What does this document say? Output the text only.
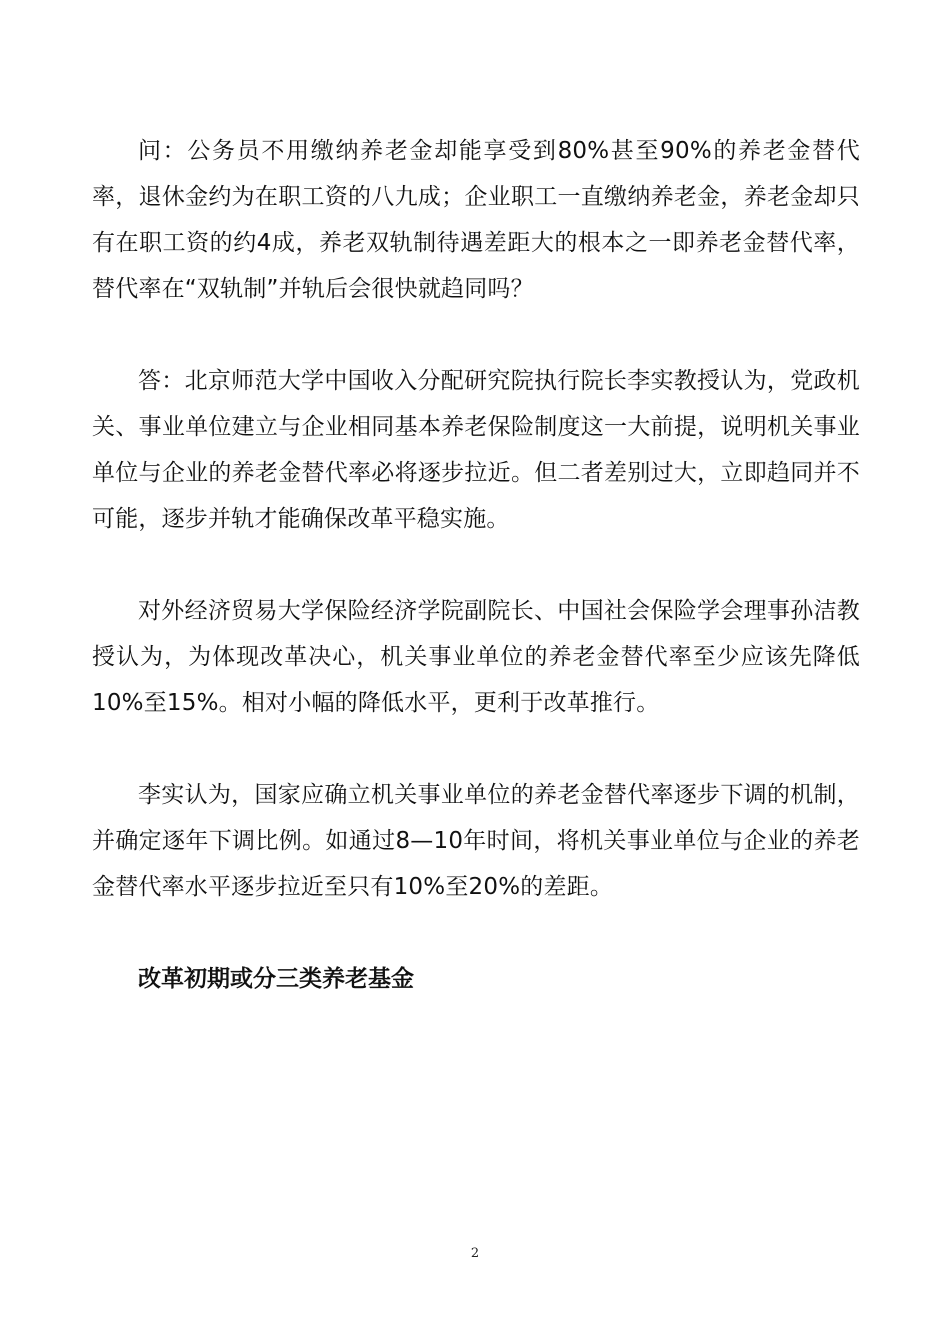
问：公务员不用缴纳养老金却能享受到80%甚至90%的养老金替代率，退休金约为在职工资的八九成；企业职工一直缴纳养老金，养老金却只有在职工资的约4成，养老双轨制待遇差距大的根本之一即养老金替代率，替代率在“双轨制”并轨后会很快就趋同吗？

答：北京师范大学中国收入分配研究院执行院长李实教授认为，党政机关、事业单位建立与企业相同基本养老保险制度这一大前提，说明机关事业单位与企业的养老金替代率必将逐步拉近。但二者差别过大，立即趋同并不可能，逐步并轨才能确保改革平稳实施。

对外经济贸易大学保险经济学院副院长、中国社会保险学会理事孙洁教授认为，为体现改革决心，机关事业单位的养老金替代率至少应该先降低10%至15%。相对小幅的降低水平，更利于改革推行。

李实认为，国家应确立机关事业单位的养老金替代率逐步下调的机制，并确定逐年下调比例。如通过8—10年时间，将机关事业单位与企业的养老金替代率水平逐步拉近至只有10%至20%的差距。

改革初期或分三类养老基金

2
